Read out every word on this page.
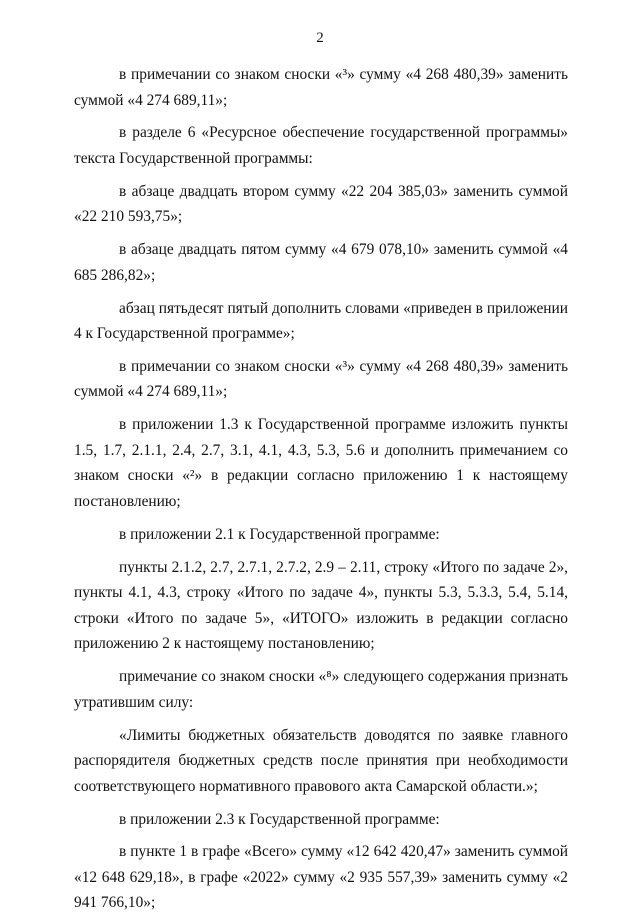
2

в примечании со знаком сноски «³» сумму «4 268 480,39» заменить суммой «4 274 689,11»;

в разделе 6 «Ресурсное обеспечение государственной программы» текста Государственной программы:

в абзаце двадцать втором сумму «22 204 385,03» заменить суммой «22 210 593,75»;

в абзаце двадцать пятом сумму «4 679 078,10» заменить суммой «4 685 286,82»;

абзац пятьдесят пятый дополнить словами «приведен в приложении 4 к Государственной программе»;

в примечании со знаком сноски «³» сумму «4 268 480,39» заменить суммой «4 274 689,11»;

в приложении 1.3 к Государственной программе изложить пункты 1.5, 1.7, 2.1.1, 2.4, 2.7, 3.1, 4.1, 4.3, 5.3, 5.6 и дополнить примечанием со знаком сноски «²» в редакции согласно приложению 1 к настоящему постановлению;

в приложении 2.1 к Государственной программе:

пункты 2.1.2, 2.7, 2.7.1, 2.7.2, 2.9 – 2.11, строку «Итого по задаче 2», пункты 4.1, 4.3, строку «Итого по задаче 4», пункты 5.3, 5.3.3, 5.4, 5.14, строки «Итого по задаче 5», «ИТОГО» изложить в редакции согласно приложению 2 к настоящему постановлению;

примечание со знаком сноски «⁸» следующего содержания признать утратившим силу:

«Лимиты бюджетных обязательств доводятся по заявке главного распорядителя бюджетных средств после принятия при необходимости соответствующего нормативного правового акта Самарской области.»;

в приложении 2.3 к Государственной программе:

в пункте 1 в графе «Всего» сумму «12 642 420,47» заменить суммой «12 648 629,18», в графе «2022» сумму «2 935 557,39» заменить сумму «2 941 766,10»;
